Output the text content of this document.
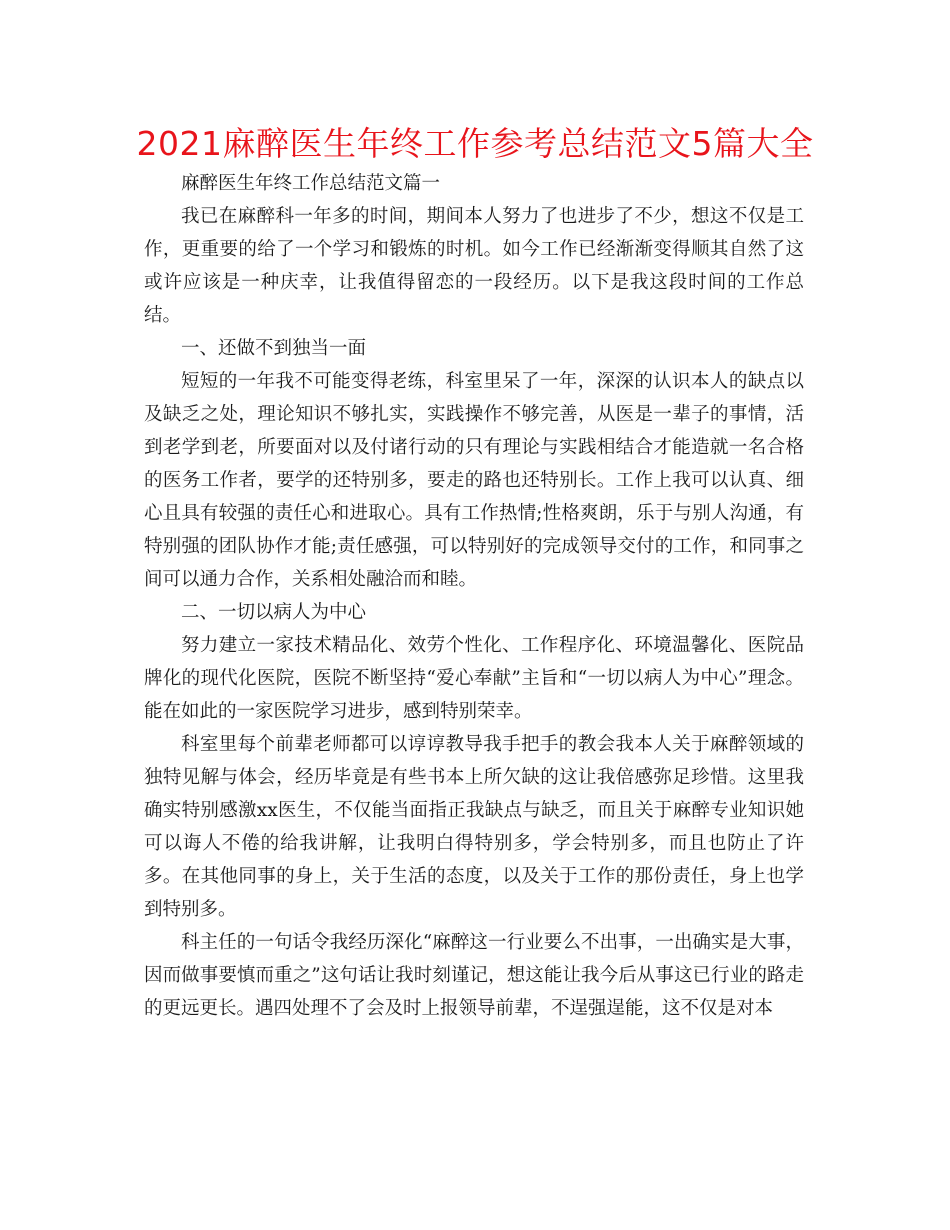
2021麻醉医生年终工作参考总结范文5篇大全

麻醉医生年终工作总结范文篇一

我已在麻醉科一年多的时间，期间本人努力了也进步了不少，想这不仅是工作，更重要的给了一个学习和锻炼的时机。如今工作已经渐渐变得顺其自然了这或许应该是一种庆幸，让我值得留恋的一段经历。以下是我这段时间的工作总结。

一、还做不到独当一面

短短的一年我不可能变得老练，科室里呆了一年，深深的认识本人的缺点以及缺乏之处，理论知识不够扎实，实践操作不够完善，从医是一辈子的事情，活到老学到老，所要面对以及付诸行动的只有理论与实践相结合才能造就一名合格的医务工作者，要学的还特别多，要走的路也还特别长。工作上我可以认真、细心且具有较强的责任心和进取心。具有工作热情;性格爽朗，乐于与别人沟通，有特别强的团队协作才能;责任感强，可以特别好的完成领导交付的工作，和同事之间可以通力合作，关系相处融洽而和睦。

二、一切以病人为中心

努力建立一家技术精品化、效劳个性化、工作程序化、环境温馨化、医院品牌化的现代化医院，医院不断坚持“爱心奉献”主旨和“一切以病人为中心”理念。能在如此的一家医院学习进步，感到特别荣幸。

科室里每个前辈老师都可以谆谆教导我手把手的教会我本人关于麻醉领域的独特见解与体会，经历毕竟是有些书本上所欠缺的这让我倍感弥足珍惜。这里我确实特别感激xx医生，不仅能当面指正我缺点与缺乏，而且关于麻醉专业知识她可以诲人不倦的给我讲解，让我明白得特别多，学会特别多，而且也防止了许多。在其他同事的身上，关于生活的态度，以及关于工作的那份责任，身上也学到特别多。

科主任的一句话令我经历深化“麻醉这一行业要么不出事，一出确实是大事，因而做事要慎而重之”这句话让我时刻谨记，想这能让我今后从事这已行业的路走的更远更长。遇四处理不了会及时上报领导前辈，不逞强逞能，这不仅是对本
